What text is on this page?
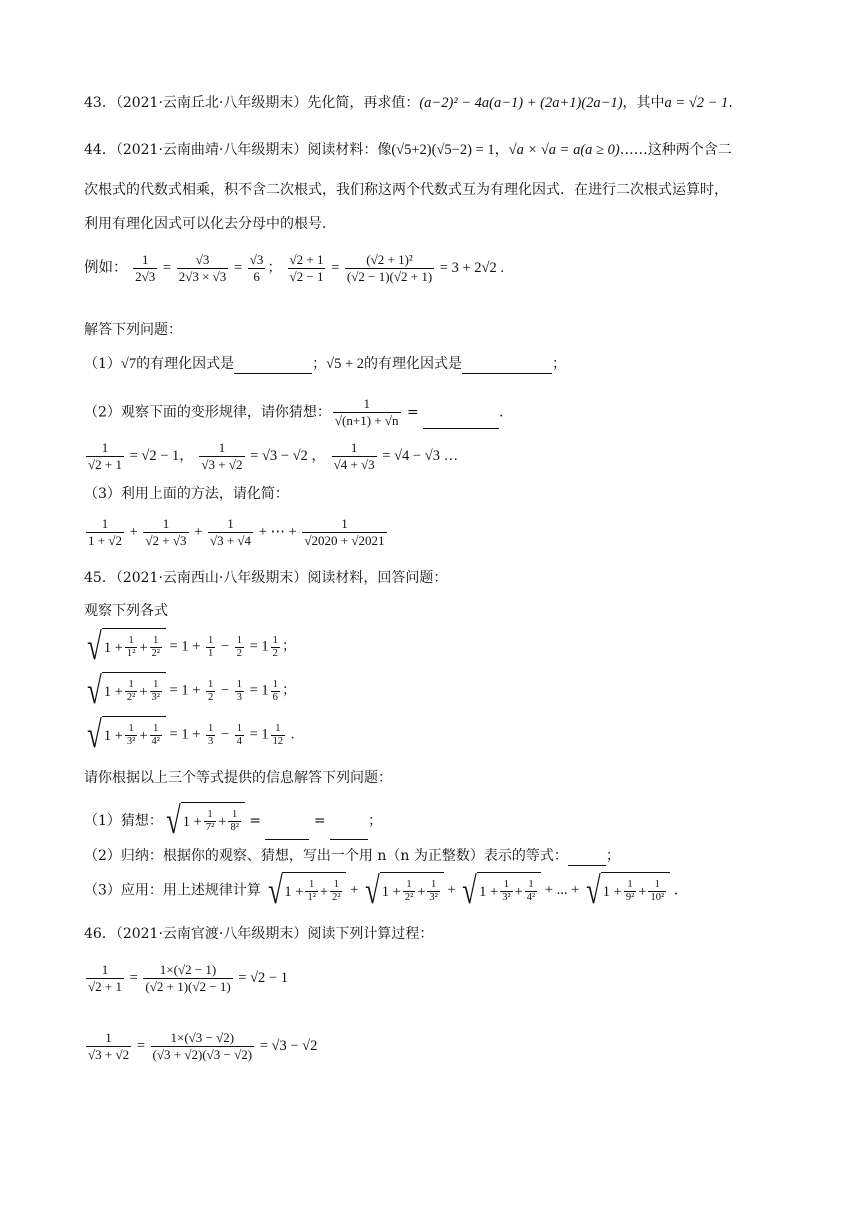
43．（2021·云南丘北·八年级期末）先化简，再求值：(a−2)² − 4a(a−1) + (2a+1)(2a−1)，其中a = √2 − 1.
44．（2021·云南曲靖·八年级期末）阅读材料：像(√5+2)(√5−2) = 1，√a × √a = a(a ≥ 0)……这种两个含二
次根式的代数式相乘，积不含二次根式，我们称这两个代数式互为有理化因式．在进行二次根式运算时，
利用有理化因式可以化去分母中的根号．
例如： $\frac{1}{2√3} = \frac{√3}{2√3 \times √3} = \frac{√3}{6}$ ； $\frac{√2 + 1}{√2 - 1} = \frac{\text{(√2 + 1)²}}{(√2 - 1)(√2 + 1)} = 3 + 2√2$ .
解答下列问题：
（1）√7的有理化因式是	；√5 + 2的有理化因式是	；
（2）观察下面的变形规律，请你猜想： $\frac{1}{√(n+1) + √n}$ =	．
$\frac{1}{√2 + 1} = √2 - 1$， $\frac{1}{√3 + √2} = √3 - √2$ ， $\frac{1}{√4 + √3} = √4 - √3$ …
（3）利用上面的方法，请化简：
$\frac{1}{1 + √2} + \frac{1}{√2 + √3} + \frac{1}{√3 + √4}$ + ⋯ + $\frac{1}{√2020 + √2021}$
45．（2021·云南西山·八年级期末）阅读材料，回答问题：
观察下列各式
√ $1 + \frac{1}{\text{1²}} + \frac{1}{\text{2²}} = 1 + \frac{1}{1} - \frac{1}{2} = 1 \frac{1}{2}$ ；
√ $1 + \frac{1}{\text{2²}} + \frac{1}{\text{3²}} = 1 + \frac{1}{2} - \frac{1}{3} = 1 \frac{1}{6}$ ；
√ $1 + \frac{1}{\text{3²}} + \frac{1}{\text{4²}} = 1 + \frac{1}{3} - \frac{1}{4} = 1 \frac{1}{12}$ .
请你根据以上三个等式提供的信息解答下列问题：
（1）猜想： √ $1 + \frac{1}{\text{7²}} + \frac{1}{\text{8²}}$ =	=	；
（2）归纳：根据你的观察、猜想，写出一个用 n（n 为正整数）表示的等式：	；
（3）应用：用上述规律计算 √ $1 + \frac{1}{\text{1²}} + \frac{1}{\text{2²}}$ + √ $1 + \frac{1}{\text{2²}} + \frac{1}{\text{3²}}$ + √ $1 + \frac{1}{\text{3²}} + \frac{1}{\text{4²}}$ + ... + √ $1 + \frac{1}{\text{9²}} + \frac{1}{\text{10²}}$ ．
46．（2021·云南官渡·八年级期末）阅读下列计算过程：
$\frac{1}{√2 + 1} = \frac{1\times(√2 - 1)}{(√2 + 1)(√2 - 1)} = √2 - 1$
$\frac{1}{√3 + √2} = \frac{1\times(√3 - √2)}{(√3 + √2)(√3 - √2)} = √3 - √2$
